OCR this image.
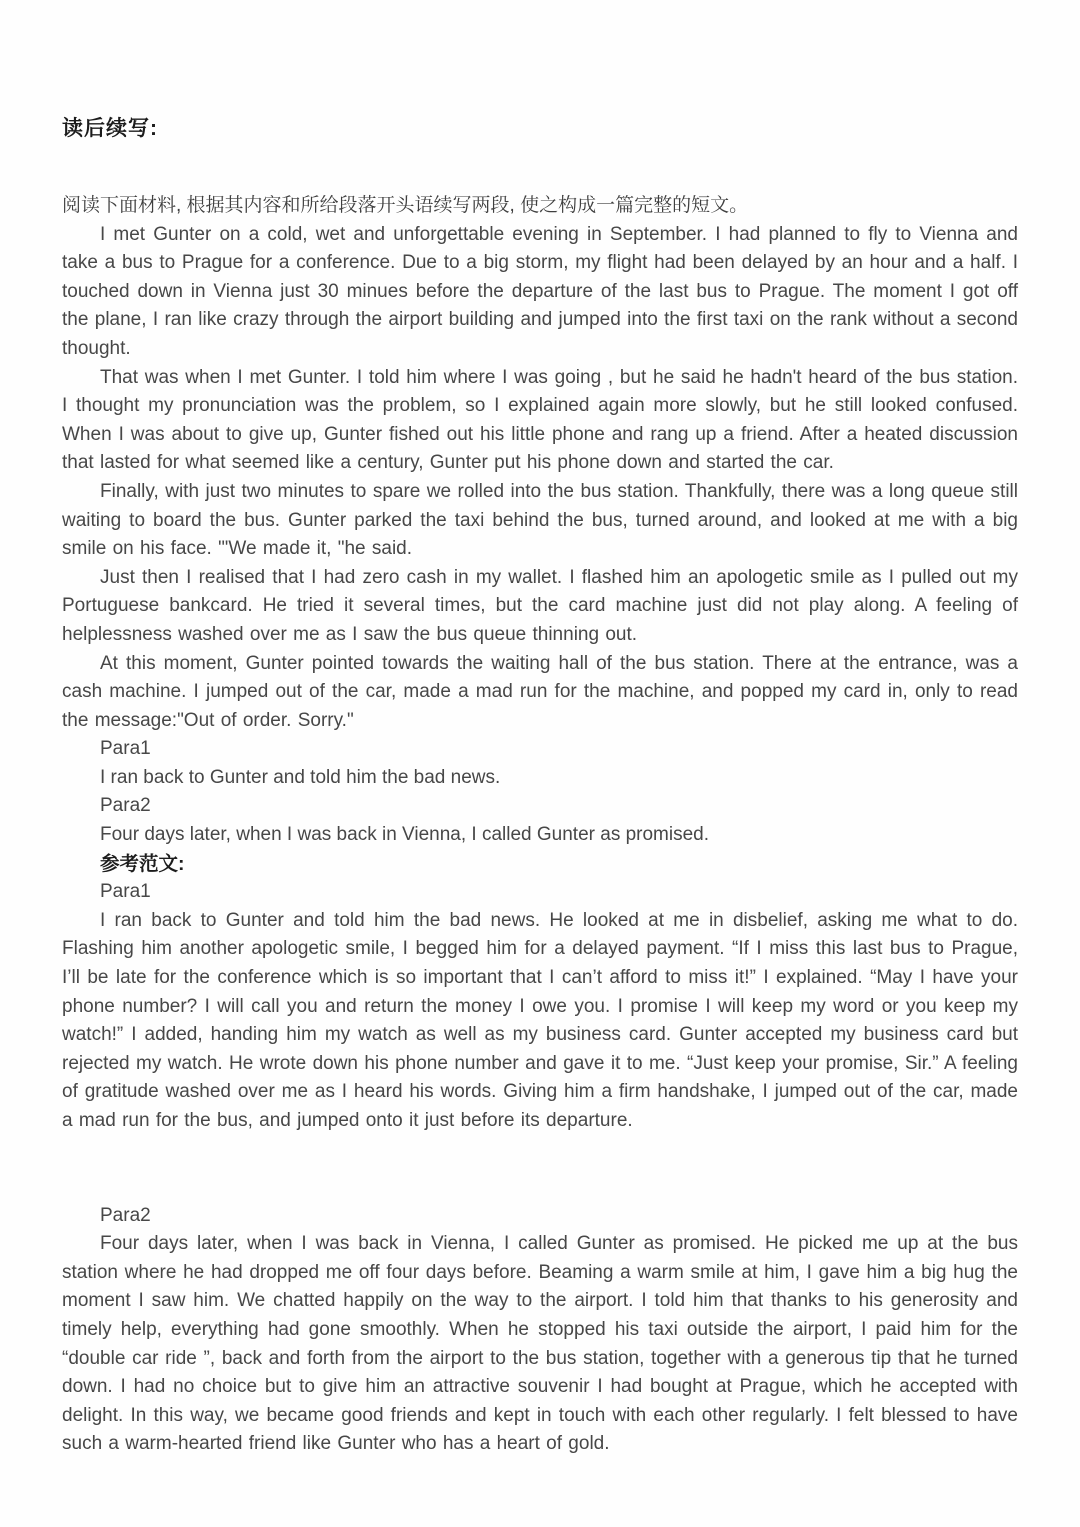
读后续写:

阅读下面材料, 根据其内容和所给段落开头语续写两段, 使之构成一篇完整的短文。

I met Gunter on a cold, wet and unforgettable evening in September. I had planned to fly to Vienna and take a bus to Prague for a conference. Due to a big storm, my flight had been delayed by an hour and a half. I touched down in Vienna just 30 minues before the departure of the last bus to Prague. The moment I got off the plane, I ran like crazy through the airport building and jumped into the first taxi on the rank without a second thought.

That was when I met Gunter. I told him where I was going , but he said he hadn't heard of the bus station. I thought my pronunciation was the problem, so I explained again more slowly, but he still looked confused. When I was about to give up, Gunter fished out his little phone and rang up a friend. After a heated discussion that lasted for what seemed like a century, Gunter put his phone down and started the car.

Finally, with just two minutes to spare we rolled into the bus station. Thankfully, there was a long queue still waiting to board the bus. Gunter parked the taxi behind the bus, turned around, and looked at me with a big smile on his face. "'We made it, "he said.

Just then I realised that I had zero cash in my wallet. I flashed him an apologetic smile as I pulled out my Portuguese bankcard. He tried it several times, but the card machine just did not play along. A feeling of helplessness washed over me as I saw the bus queue thinning out.

At this moment, Gunter pointed towards the waiting hall of the bus station. There at the entrance, was a cash machine. I jumped out of the car, made a mad run for the machine, and popped my card in, only to read the message:"Out of order. Sorry."

Para1

I ran back to Gunter and told him the bad news.

Para2

Four days later, when I was back in Vienna, I called Gunter as promised.

参考范文:

Para1

I ran back to Gunter and told him the bad news. He looked at me in disbelief, asking me what to do. Flashing him another apologetic smile, I begged him for a delayed payment. “If I miss this last bus to Prague, I’ll be late for the conference which is so important that I can’t afford to miss it!” I explained. “May I have your phone number? I will call you and return the money I owe you. I promise I will keep my word or you keep my watch!” I added, handing him my watch as well as my business card. Gunter accepted my business card but rejected my watch. He wrote down his phone number and gave it to me. “Just keep your promise, Sir.” A feeling of gratitude washed over me as I heard his words. Giving him a firm handshake, I jumped out of the car, made a mad run for the bus, and jumped onto it just before its departure.

Para2

Four days later, when I was back in Vienna, I called Gunter as promised. He picked me up at the bus station where he had dropped me off four days before. Beaming a warm smile at him, I gave him a big hug the moment I saw him. We chatted happily on the way to the airport. I told him that thanks to his generosity and timely help, everything had gone smoothly. When he stopped his taxi outside the airport, I paid him for the “double car ride ”, back and forth from the airport to the bus station, together with a generous tip that he turned down. I had no choice but to give him an attractive souvenir I had bought at Prague, which he accepted with delight. In this way, we became good friends and kept in touch with each other regularly. I felt blessed to have such a warm-hearted friend like Gunter who has a heart of gold.
